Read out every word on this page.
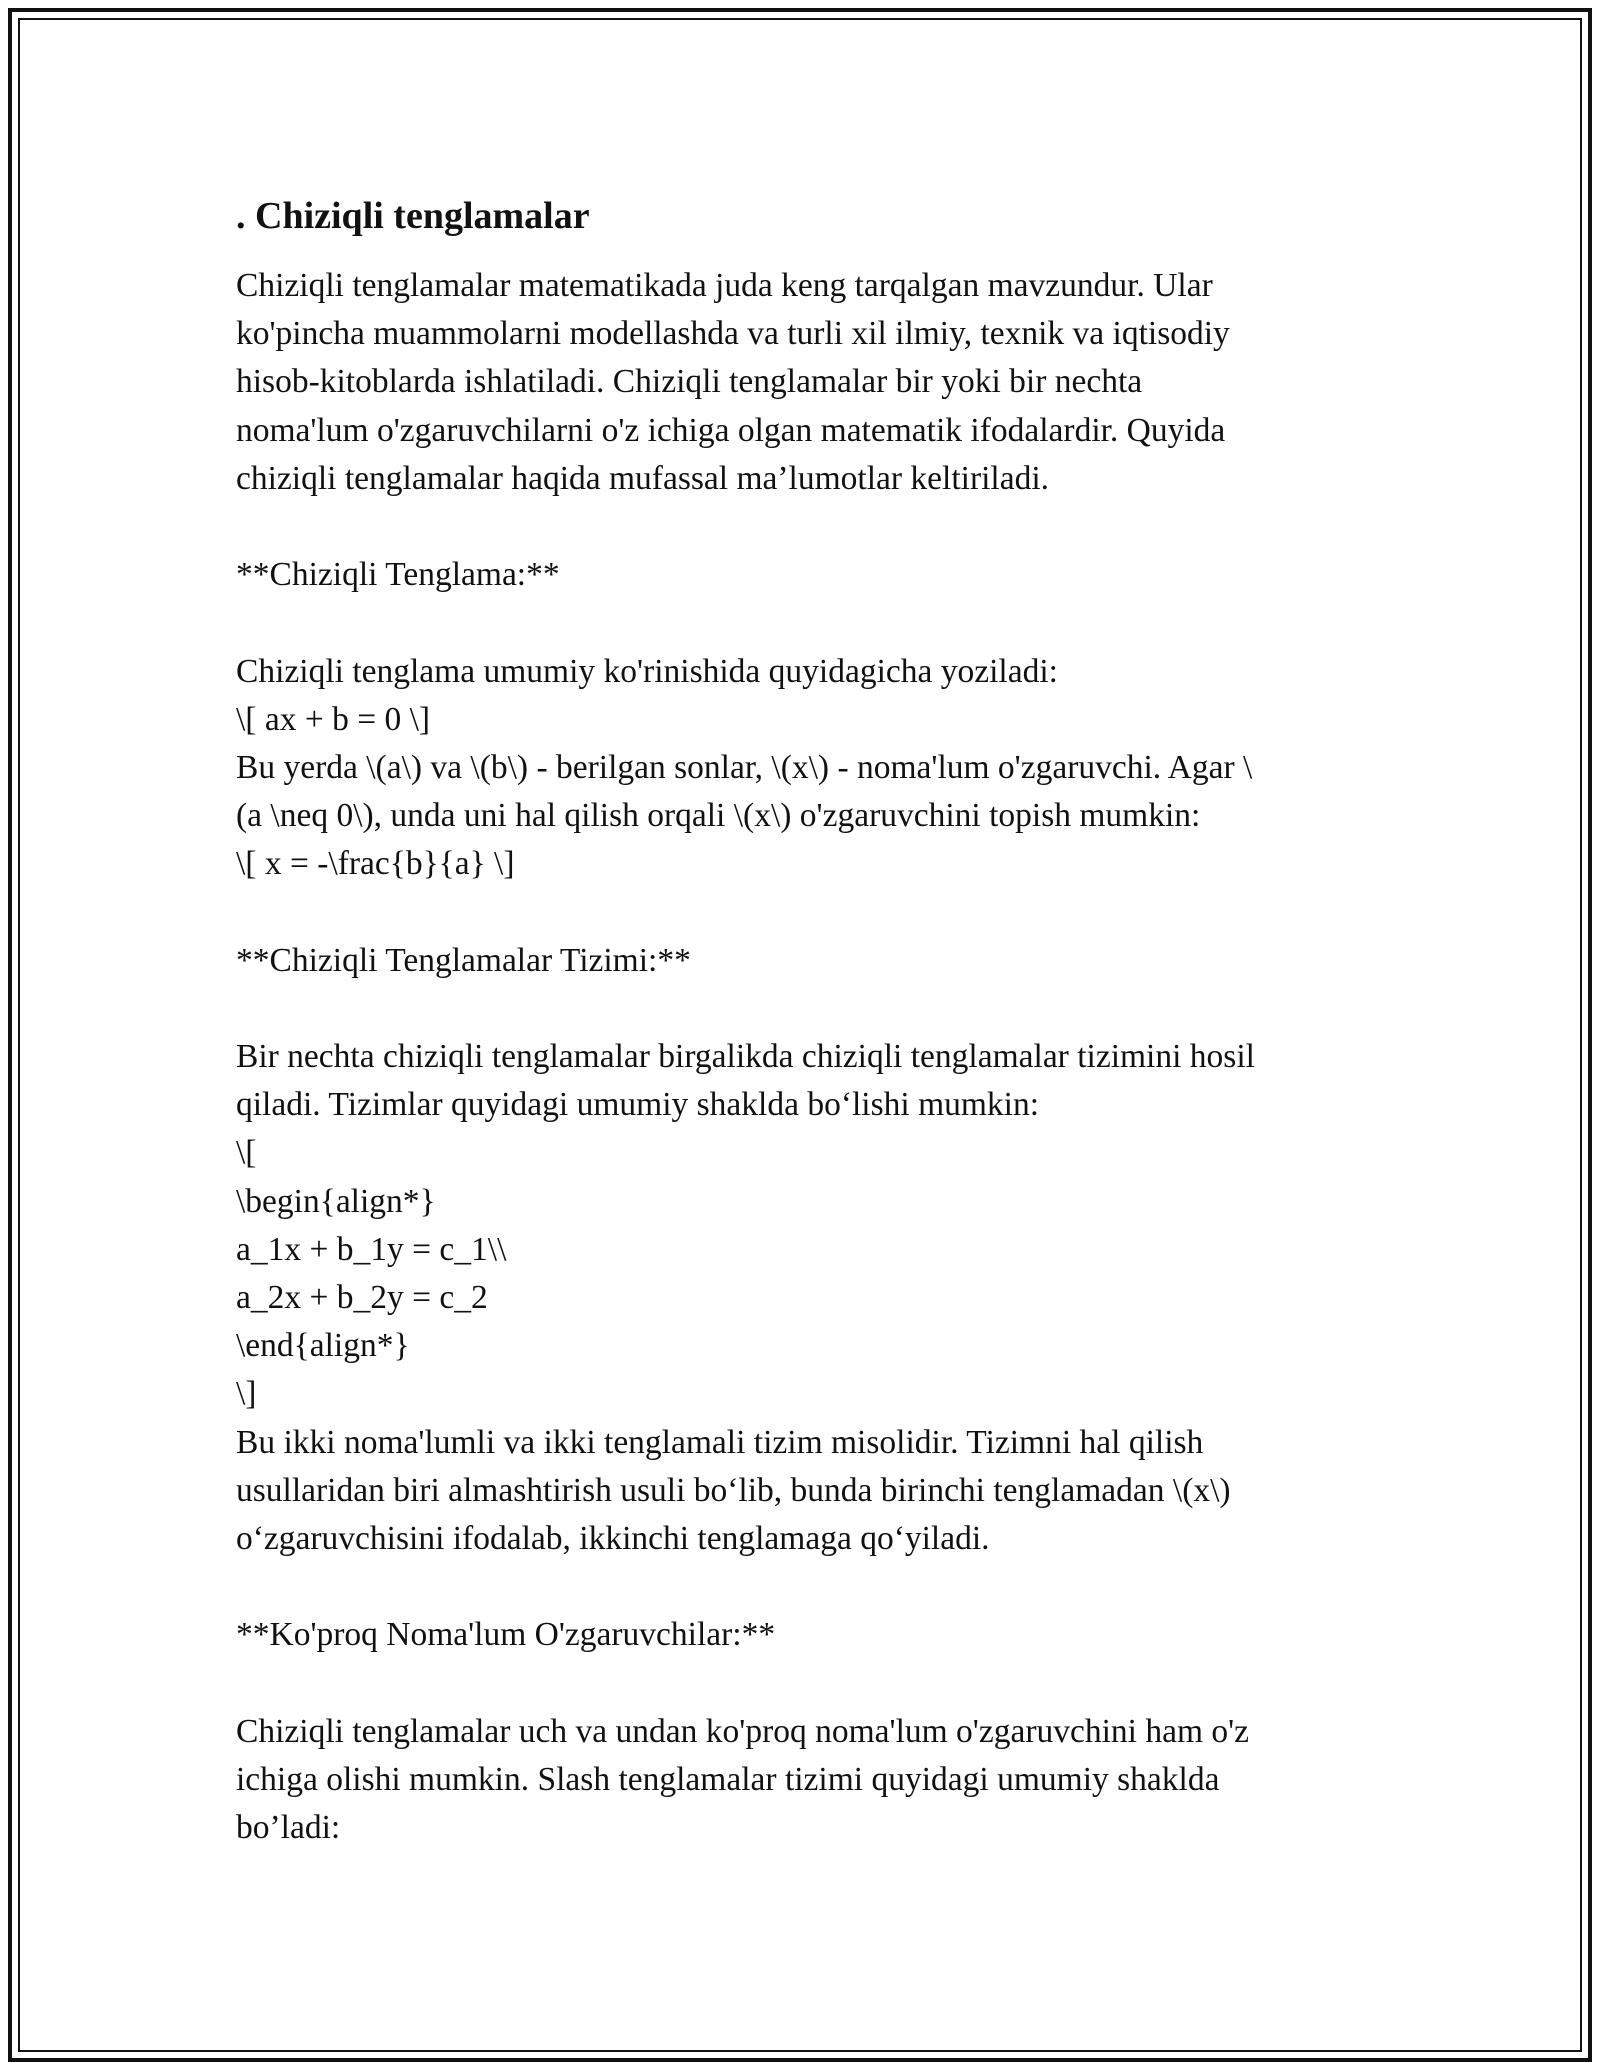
. Chiziqli tenglamalar
Chiziqli tenglamalar matematikada juda keng tarqalgan mavzundur. Ular
ko'pincha muammolarni modellashda va turli xil ilmiy, texnik va iqtisodiy
hisob-kitoblarda ishlatiladi. Chiziqli tenglamalar bir yoki bir nechta
noma'lum o'zgaruvchilarni o'z ichiga olgan matematik ifodalardir. Quyida
chiziqli tenglamalar haqida mufassal ma’lumotlar keltiriladi.
**Chiziqli Tenglama:**
Chiziqli tenglama umumiy ko'rinishida quyidagicha yoziladi:
\[ ax + b = 0 \]
Bu yerda \(a\) va \(b\) - berilgan sonlar, \(x\) - noma'lum o'zgaruvchi. Agar \
(a \neq 0\), unda uni hal qilish orqali \(x\) o'zgaruvchini topish mumkin:
\[ x = -\frac{b}{a} \]
**Chiziqli Tenglamalar Tizimi:**
Bir nechta chiziqli tenglamalar birgalikda chiziqli tenglamalar tizimini hosil
qiladi. Tizimlar quyidagi umumiy shaklda bo‘lishi mumkin:
\[
\begin{align*}
a_1x + b_1y = c_1\\
a_2x + b_2y = c_2
\end{align*}
\]
Bu ikki noma'lumli va ikki tenglamali tizim misolidir. Tizimni hal qilish
usullaridan biri almashtirish usuli bo‘lib, bunda birinchi tenglamadan \(x\)
o‘zgaruvchisini ifodalab, ikkinchi tenglamaga qo‘yiladi.
**Ko'proq Noma'lum O'zgaruvchilar:**
Chiziqli tenglamalar uch va undan ko'proq noma'lum o'zgaruvchini ham o'z
ichiga olishi mumkin. Slash tenglamalar tizimi quyidagi umumiy shaklda
bo’ladi:
